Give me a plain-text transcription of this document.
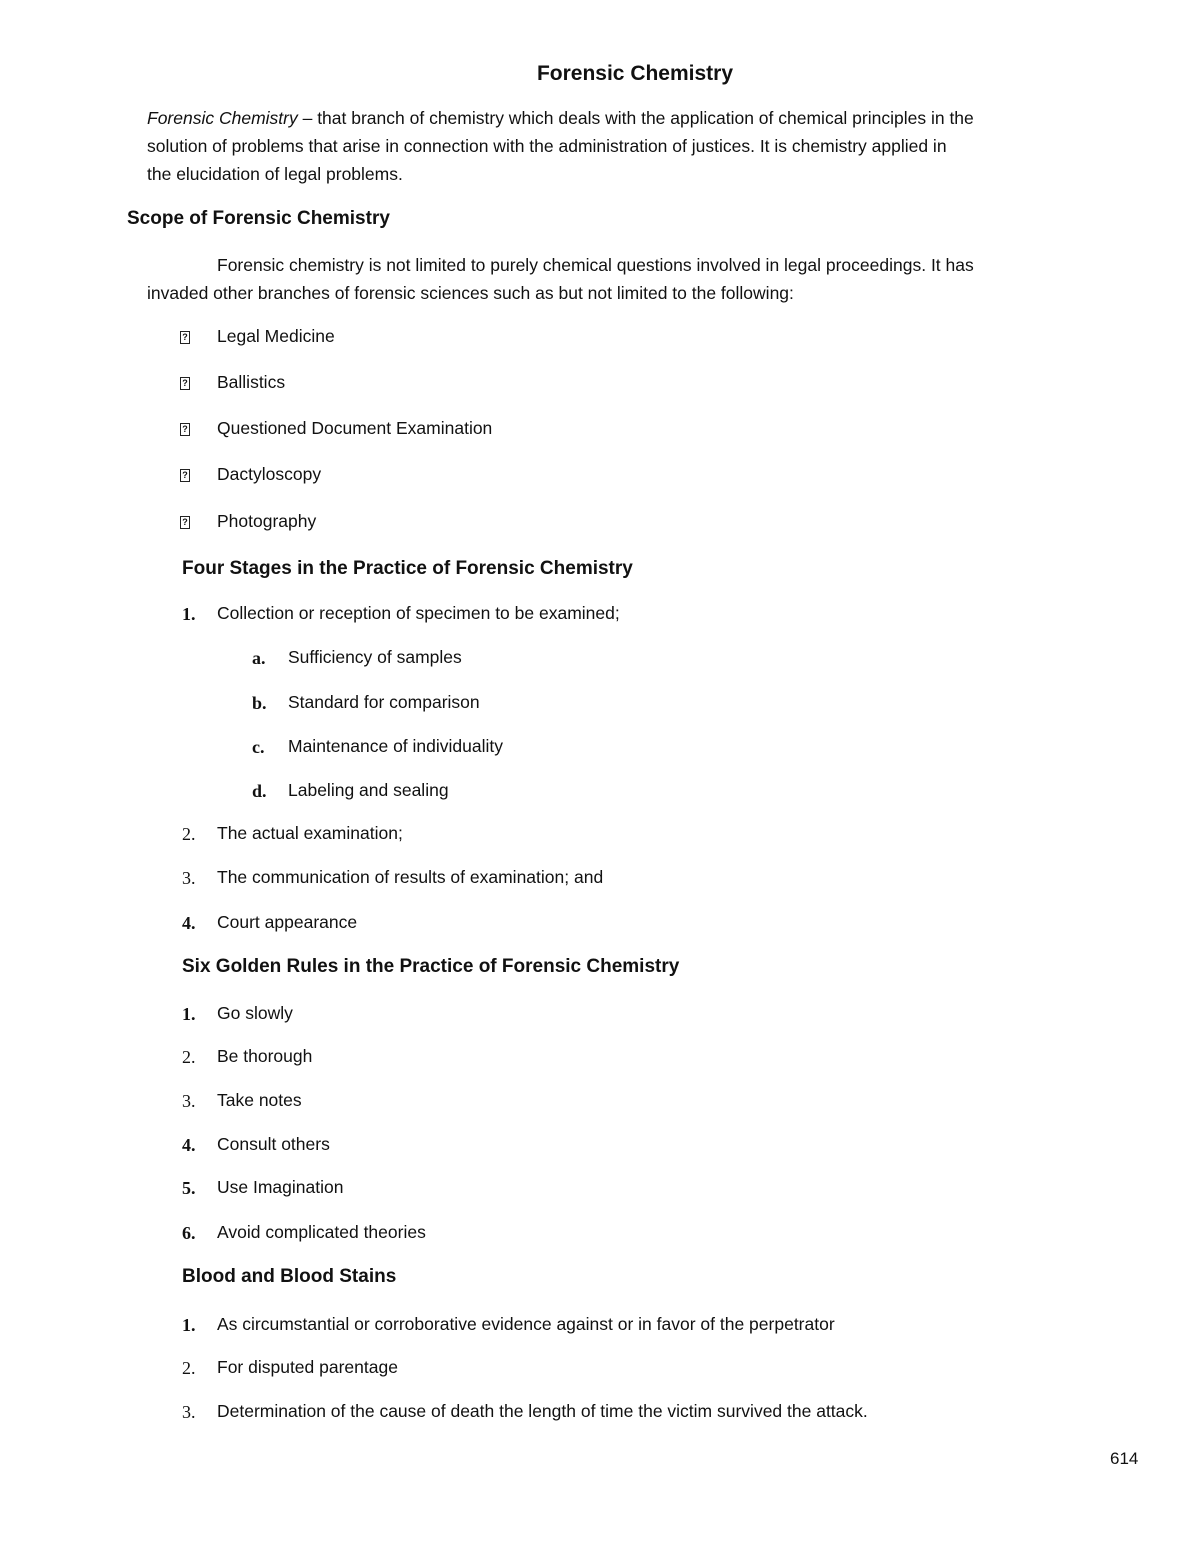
Forensic Chemistry
Forensic Chemistry – that branch of chemistry which deals with the application of chemical principles in the
solution of problems that arise in connection with the administration of justices. It is chemistry applied in
the elucidation of legal problems.
Scope of Forensic Chemistry
Forensic chemistry is not limited to purely chemical questions involved in legal proceedings. It has
invaded other branches of forensic sciences such as but not limited to the following:
? Legal Medicine
? Ballistics
? Questioned Document Examination
? Dactyloscopy
? Photography
Four Stages in the Practice of Forensic Chemistry
1. Collection or reception of specimen to be examined;
a. Sufficiency of samples
b. Standard for comparison
c. Maintenance of individuality
d. Labeling and sealing
2. The actual examination;
3. The communication of results of examination; and
4. Court appearance
Six Golden Rules in the Practice of Forensic Chemistry
1. Go slowly
2. Be thorough
3. Take notes
4. Consult others
5. Use Imagination
6. Avoid complicated theories
Blood and Blood Stains
1. As circumstantial or corroborative evidence against or in favor of the perpetrator
2. For disputed parentage
3. Determination of the cause of death the length of time the victim survived the attack.
614
